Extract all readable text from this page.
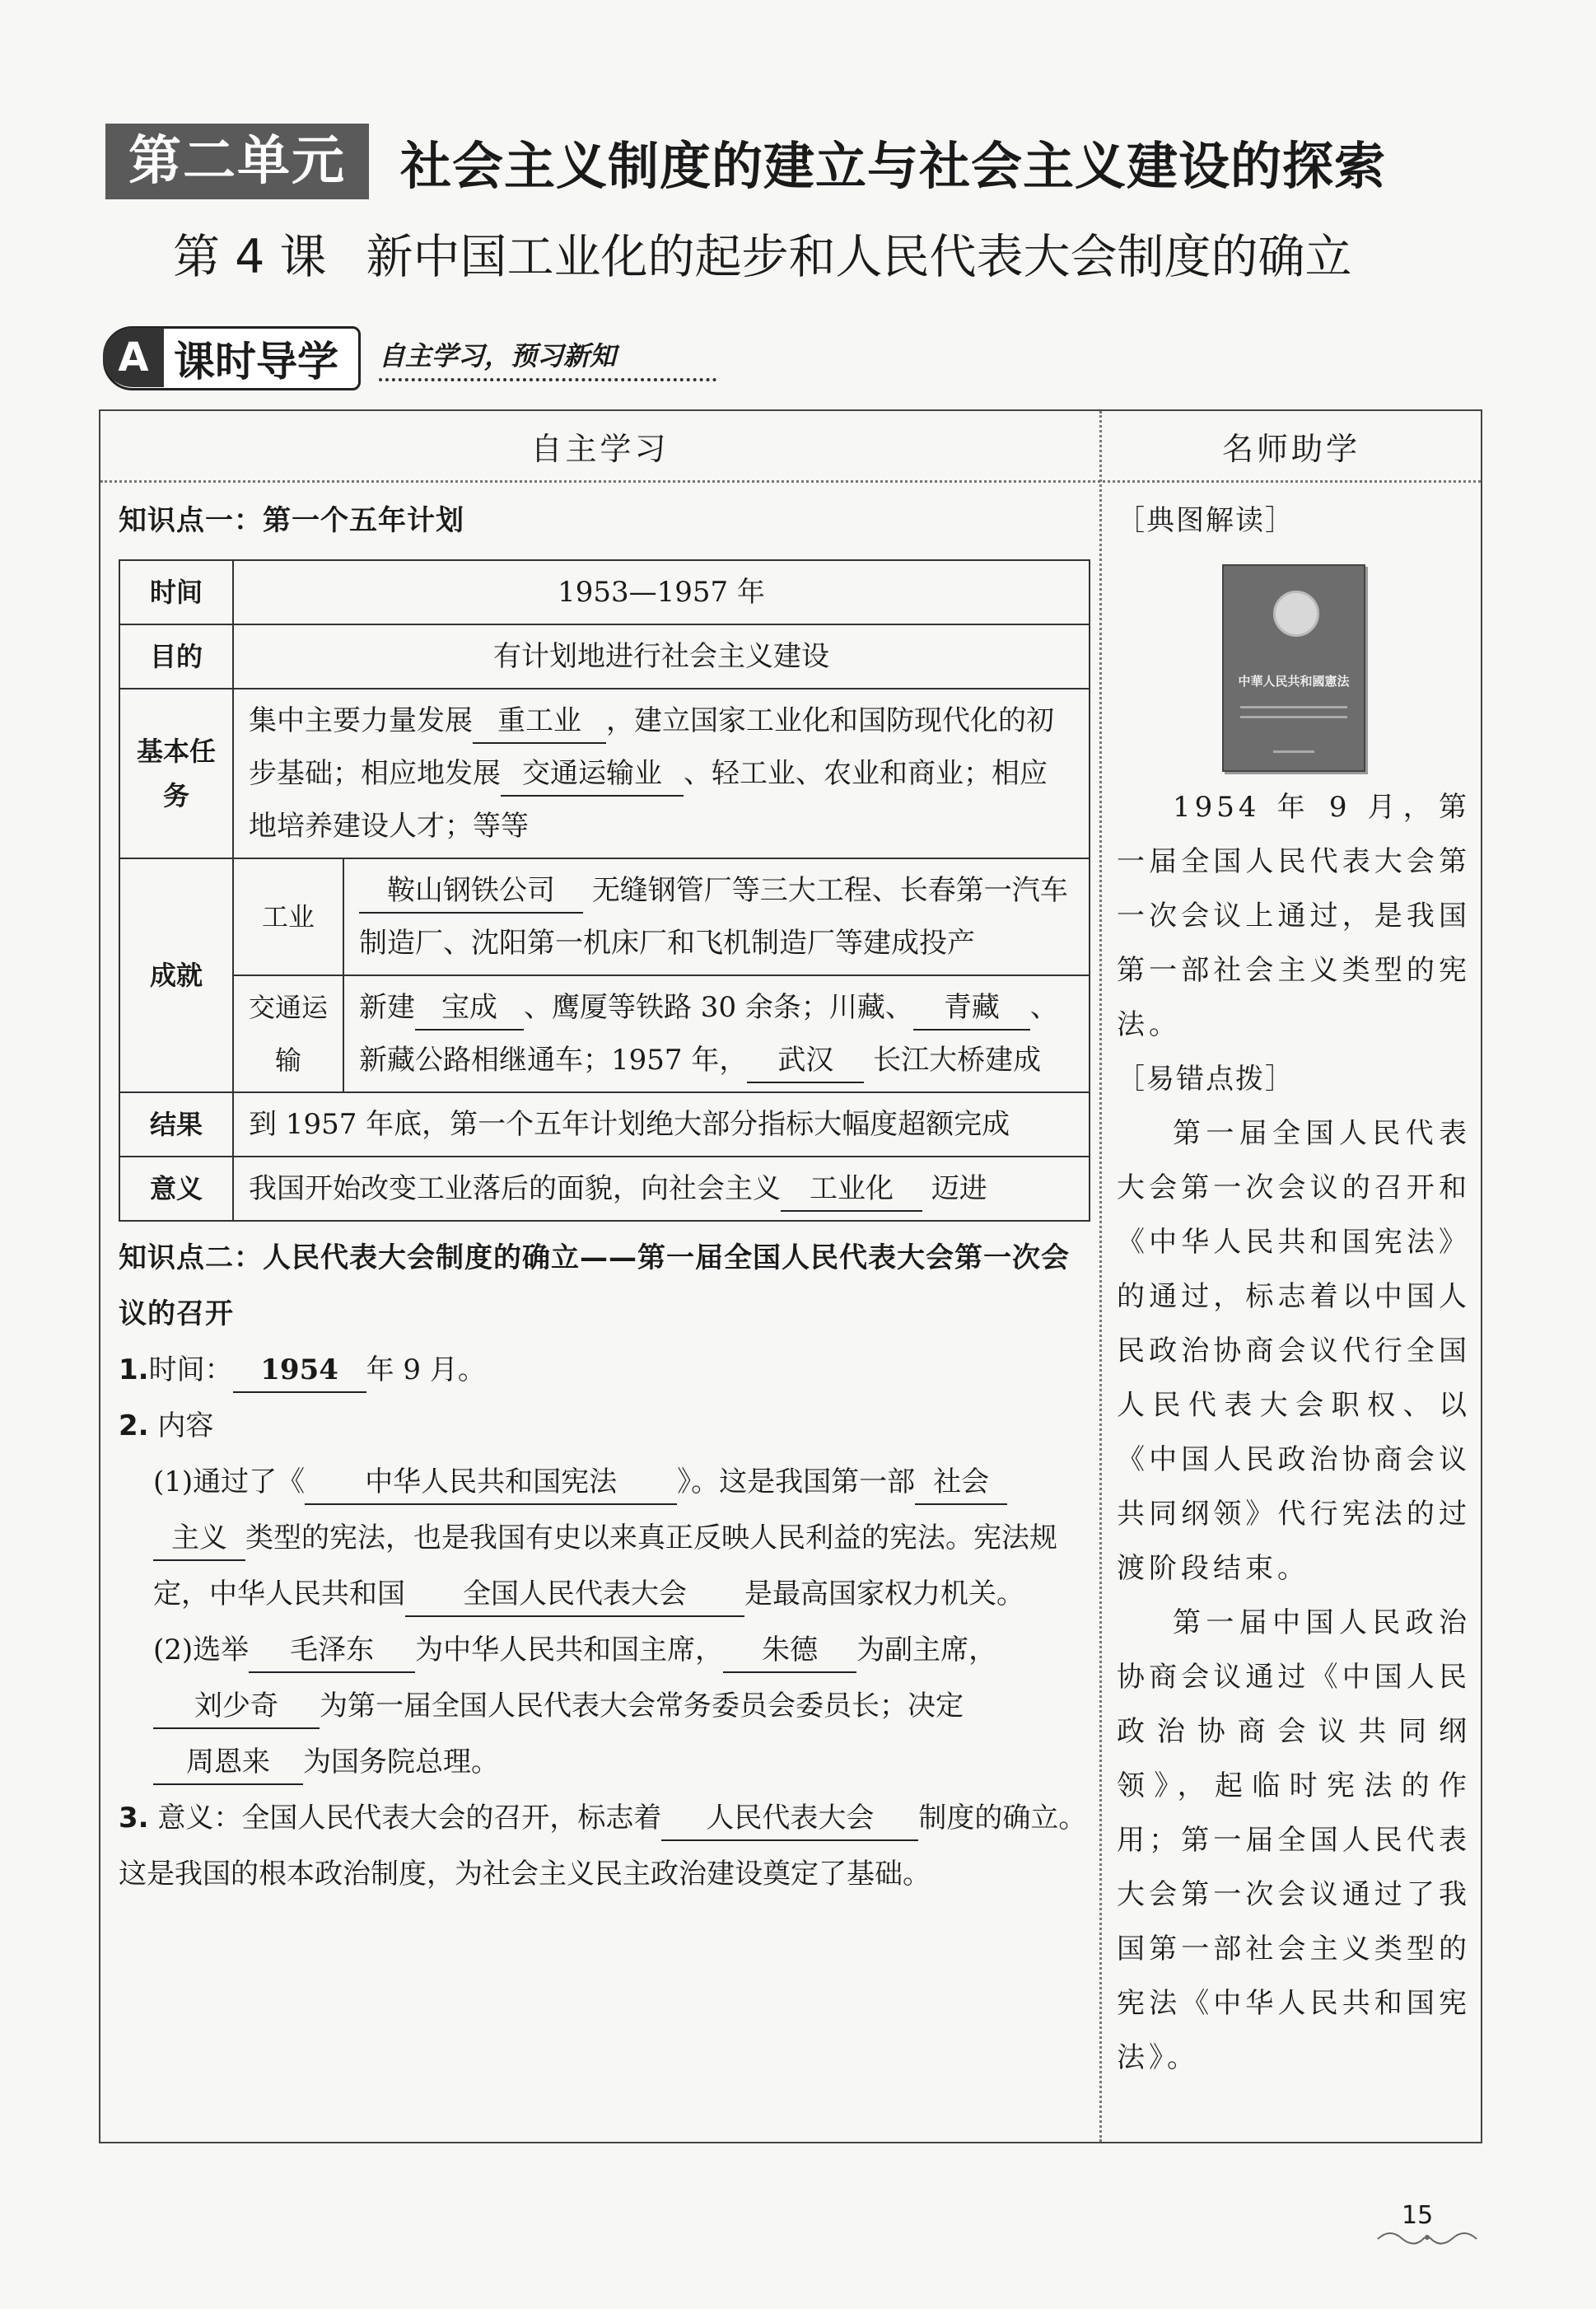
第二单元	社会主义制度的建立与社会主义建设的探索
第 4 课 新中国工业化的起步和人民代表大会制度的确立
A 课时导学	自主学习，预习新知
自主学习	名师助学
知识点一：第一个五年计划
时间	1953—1957 年	
目的	有计划地进行社会主义建设	
基本任务	集中主要力量发展 重工业 ，建立国家工业化和国防现代化的初步基础；相应地发展 交通运输业 、轻工业、农业和商业；相应地培养建设人才；等等	
成就	工业	鞍山钢铁公司 无缝钢管厂等三大工程、长春第一汽车制造厂、沈阳第一机床厂和飞机制造厂等建成投产
	交通运输	新建 宝成 、鹰厦等铁路 30 余条；川藏、 青藏 、新藏公路相继通车；1957 年， 武汉 长江大桥建成
结果	到 1957 年底，第一个五年计划绝大部分指标大幅度超额完成	
意义	我国开始改变工业落后的面貌，向社会主义 工业化 迈进	
知识点二：人民代表大会制度的确立——第一届全国人民代表大会第一次会议的召开
1.时间： 1954 年 9 月。
2. 内容
(1)通过了《 中华人民共和国宪法 》。这是我国第一部 社会
主义 类型的宪法，也是我国有史以来真正反映人民利益的宪法。宪法规定，中华人民共和国 全国人民代表大会 是最高国家权力机关。
(2)选举 毛泽东 为中华人民共和国主席， 朱德 为副主席，
刘少奇 为第一届全国人民代表大会常务委员会委员长；决定周恩来 为国务院总理。
3. 意义：全国人民代表大会的召开，标志着 人民代表大会 制度的确立。这是我国的根本政治制度，为社会主义民主政治建设奠定了基础。
［典图解读］
中華人民共和國憲法
1954 年 9 月，第一届全国人民代表大会第一次会议上通过，是我国第一部社会主义类型的宪法。
［易错点拨］
第一届全国人民代表大会第一次会议的召开和《中华人民共和国宪法》的通过，标志着以中国人民政治协商会议代行全国人民代表大会职权、以《中国人民政治协商会议共同纲领》代行宪法的过渡阶段结束。
第一届中国人民政治协商会议通过《中国人民政治协商会议共同纲领》，起临时宪法的作用；第一届全国人民代表大会第一次会议通过了我国第一部社会主义类型的宪法《中华人民共和国宪法》。
15
